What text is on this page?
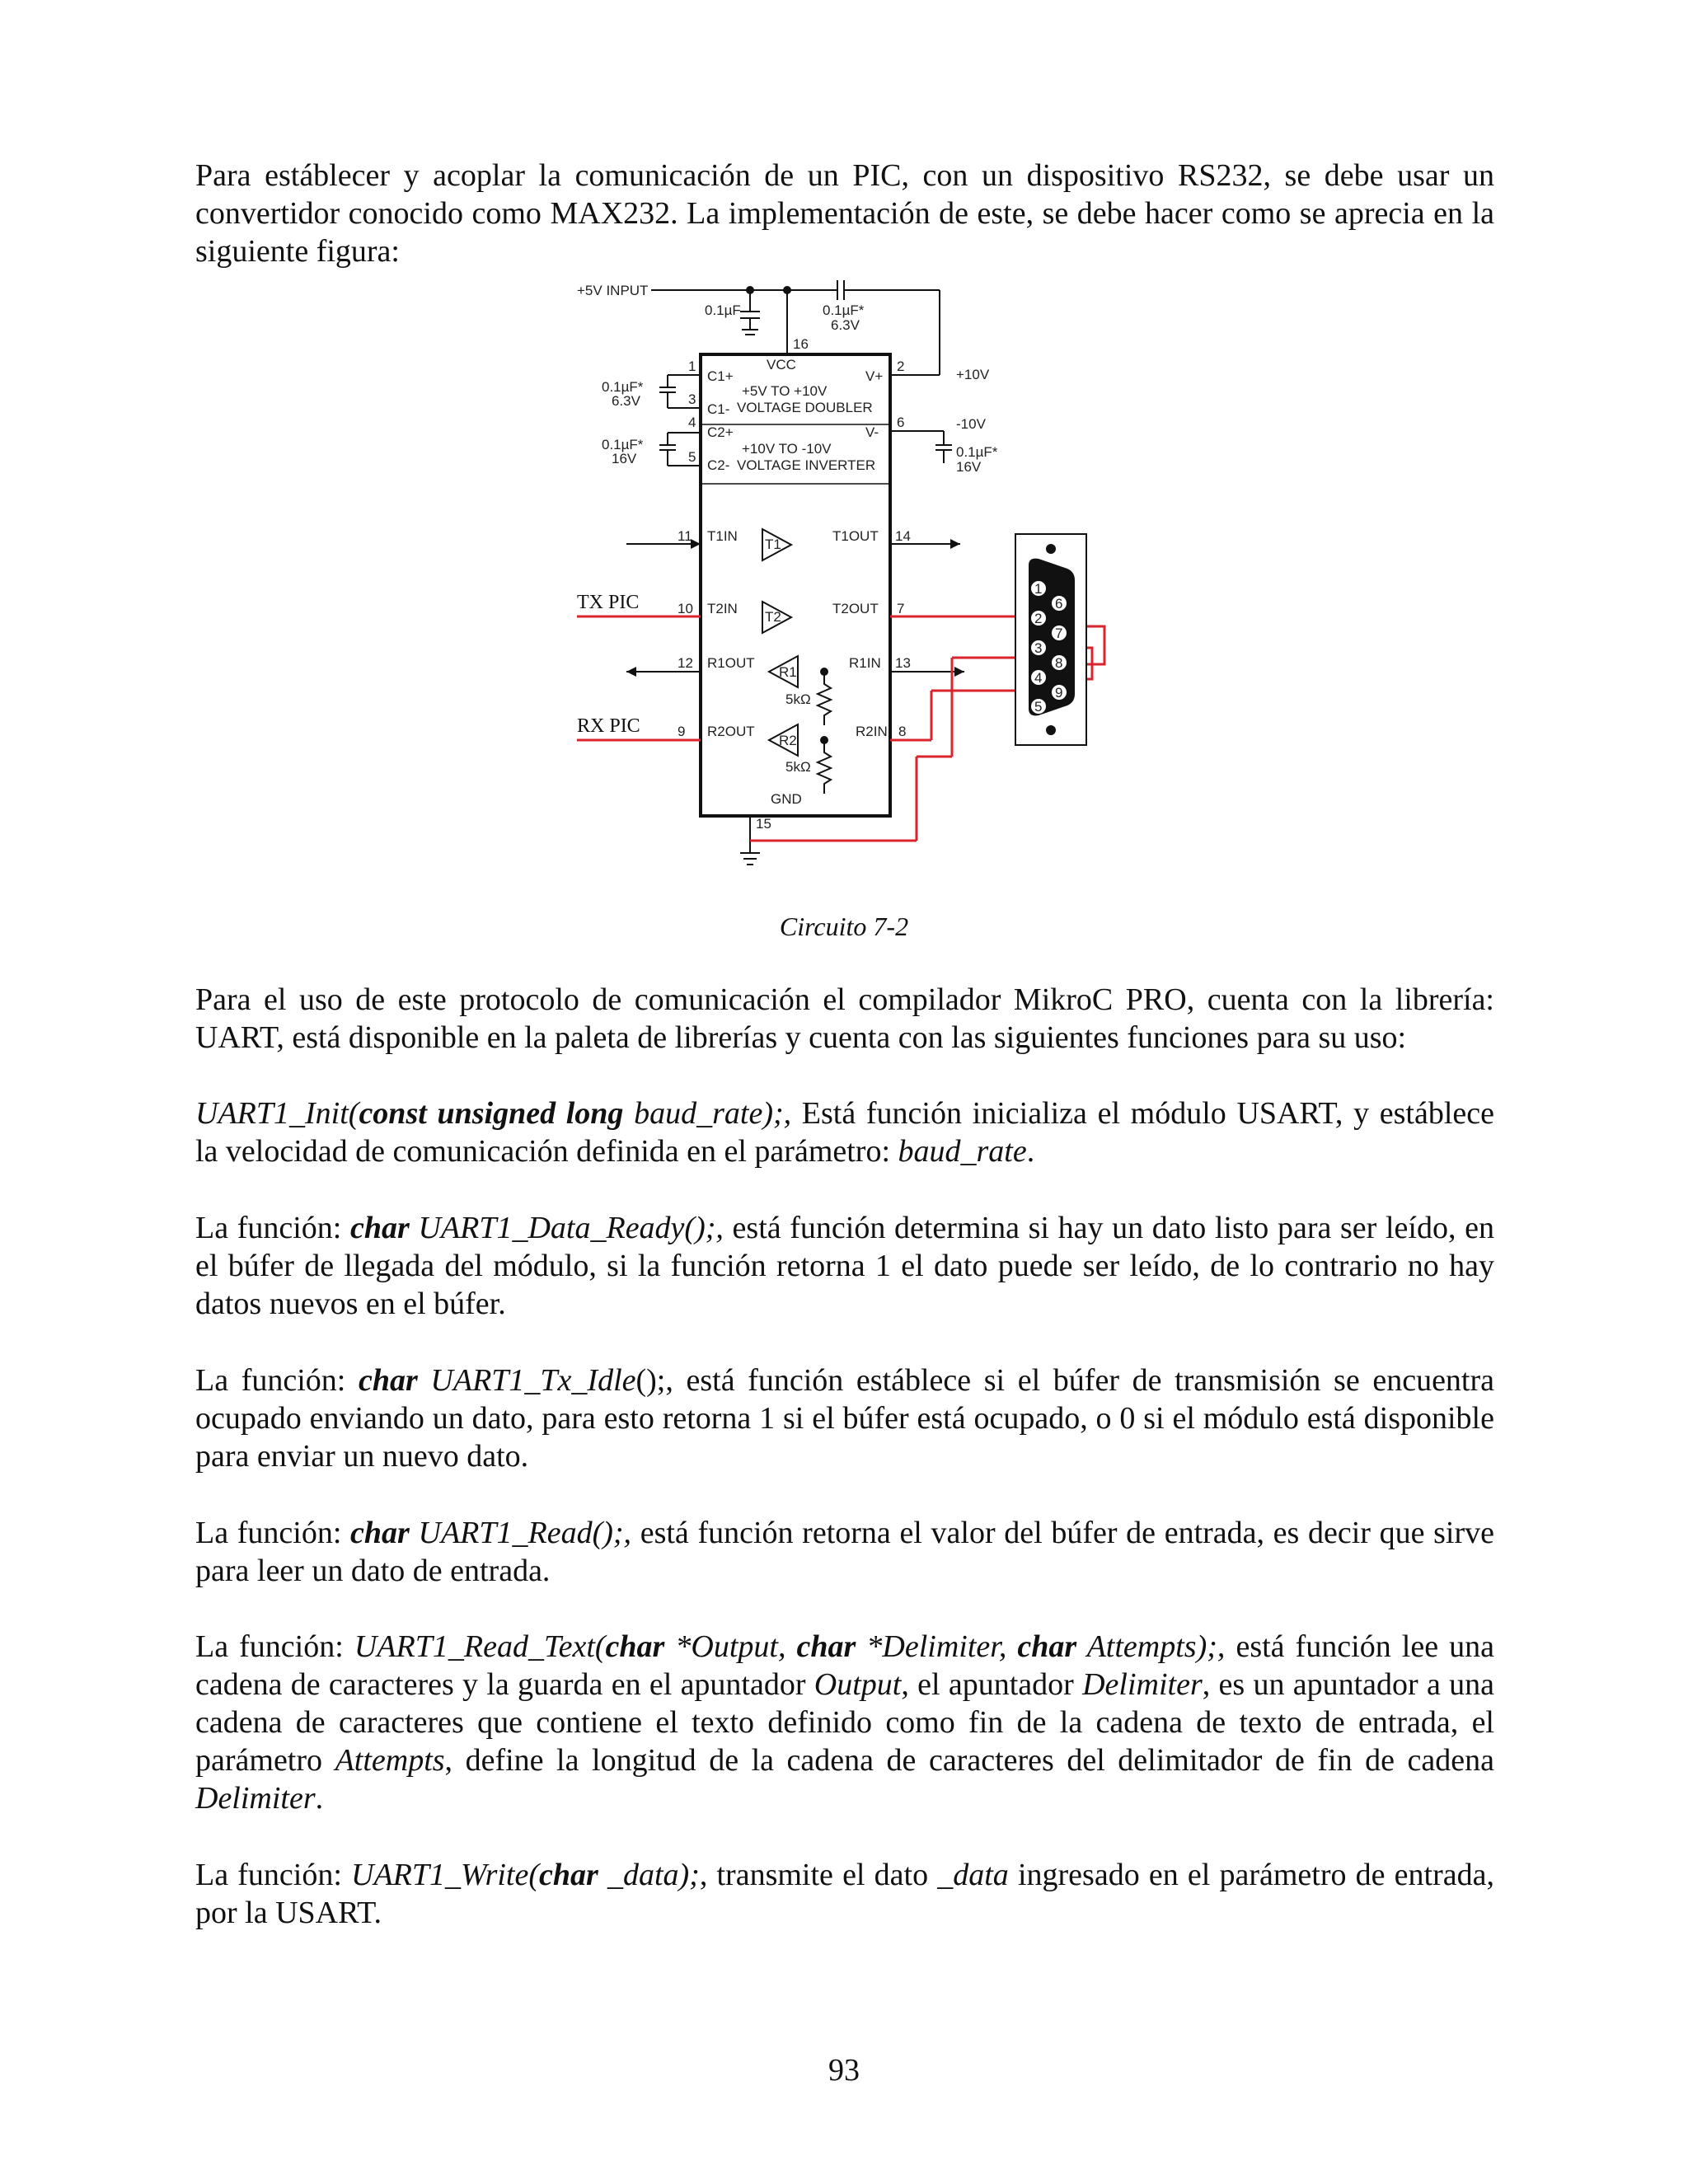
Para estáblecer y acoplar la comunicación de un PIC, con un dispositivo RS232, se debe usar un convertidor conocido como MAX232. La implementación de este, se debe hacer como se aprecia en la siguiente figura:

+5V INPUT
0.1µF
16
0.1µF*
6.3V
VCC
C1+	V+
+5V TO +10V
C1- VOLTAGE DOUBLER
C2+	V-
+10V TO -10V
C2- VOLTAGE INVERTER
1
3
4
5
2
6
0.1µF*
6.3V
0.1µF*
16V
+10V
-10V
0.1µF*
16V
11 T1IN
T1
T1OUT 14
TX PIC	10 T2IN
T2
T2OUT 7
12 R1OUT
R1
5kΩ
R1IN 13
RX PIC	9 R2OUT
R2
5kΩ
R2IN 8
GND
15
1
2
3
4
5
6
7
8
9
Circuito 7-2

Para el uso de este protocolo de comunicación el compilador MikroC PRO, cuenta con la librería: UART, está disponible en la paleta de librerías y cuenta con las siguientes funciones para su uso:

UART1_Init(const unsigned long baud_rate);, Está función inicializa el módulo USART, y estáblece la velocidad de comunicación definida en el parámetro: baud_rate.

La función: char UART1_Data_Ready();, está función determina si hay un dato listo para ser leído, en el búfer de llegada del módulo, si la función retorna 1 el dato puede ser leído, de lo contrario no hay datos nuevos en el búfer.

La función: char UART1_Tx_Idle();, está función estáblece si el búfer de transmisión se encuentra ocupado enviando un dato, para esto retorna 1 si el búfer está ocupado, o 0 si el módulo está disponible para enviar un nuevo dato.

La función: char UART1_Read();, está función retorna el valor del búfer de entrada, es decir que sirve para leer un dato de entrada.

La función: UART1_Read_Text(char *Output, char *Delimiter, char Attempts);, está función lee una cadena de caracteres y la guarda en el apuntador Output, el apuntador Delimiter, es un apuntador a una cadena de caracteres que contiene el texto definido como fin de la cadena de texto de entrada, el parámetro Attempts, define la longitud de la cadena de caracteres del delimitador de fin de cadena Delimiter.

La función: UART1_Write(char _data);, transmite el dato _data ingresado en el parámetro de entrada, por la USART.

93
